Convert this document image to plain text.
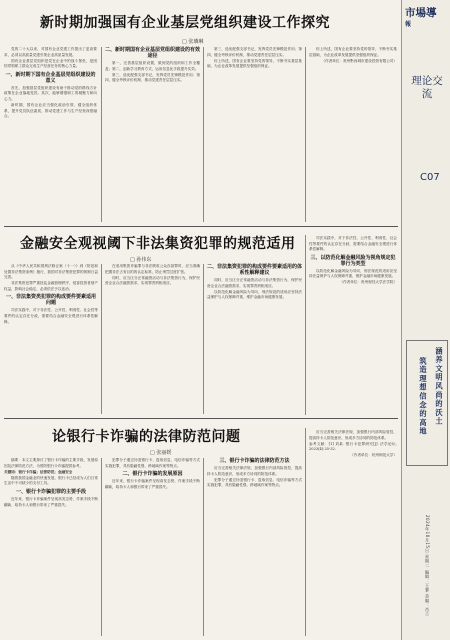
新时期加强国有企业基层党组织建设工作探究
□ 张璘琳

党的二十大以来，对国有企业党建工作提出了更高要求，必须以高质量党建引领企业高质量发展。

国有企业基层党组织是党在企业中的战斗堡垒，是团结带领职工群众完成生产经营任务的核心力量。

一、新时期下国有企业基层党组织建设的意义

首先，加强基层党组织建设有助于推动党的路线方针政策在企业落地见效。其次，能够增强职工的凝聚力和向心力。

新时期，国有企业应当强化政治引领，健全组织体系，提升党员队伍素质，推动党建工作与生产经营深度融合。

二、新时期国有企业基层党组织建设的有效途径

第一，完善基层组织设置，做到党的组织和工作全覆盖；第二，创新学习教育方式，运用信息化手段提升实效。

第三，选优配强支部书记，发挥党员先锋模范作用；第四，健全考核评价机制，推动党建责任层层压实。

第三，选优配强支部书记，发挥党员先锋模范作用；第四，健全考核评价机制，推动党建责任层层压实。

综上所述，国有企业要坚持党的领导，不断夯实基层基础，为企业改革发展提供坚强组织保证。

综上所述，国有企业要坚持党的领导，不断夯实基层基础，为企业改革发展提供坚强组织保证。

（作者单位：贵州黔西城市建设投资有限公司）

金融安全观视阈下非法集资犯罪的规范适用
□ 孙伟东

从《中华人民共和国刑法修正案（十一）》到《防范和处置非法集资条例》施行，我国对非法集资犯罪的规制日益完善。

非法集资犯罪严重扰乱金融管理秩序，侵害投资者财产权益，影响社会稳定，必须依法予以惩治。

一、非法集资类犯罪的构成要件要素适用问题

司法实践中，对于非法性、公开性、利诱性、社会性等要件的认定存在分歧，需要结合金融安全观进行体系性解释。

在适用集资诈骗罪与非法吸收公众存款罪时，应当准确把握非法占有目的的认定标准，防止刑罚过度扩张。

同时，应当区分正常融资活动与非法集资行为，保护民营企业合法融资需求，实现罪责刑相适应。

二、非法集资犯罪的构成要件要素适用的体系性解释建议

同时，应当区分正常融资活动与非法集资行为，保护民营企业合法融资需求，实现罪责刑相适应。

以防范化解金融风险为导向，刑法规范的适用应坚持法益保护与人权保障并重，维护金融市场健康发展。

司法实践中，对于非法性、公开性、利诱性、社会性等要件的认定存在分歧，需要结合金融安全观进行体系性解释。

三、以防范化解金融风险为视角规定犯罪行为类型

以防范化解金融风险为导向，刑法规范的适用应坚持法益保护与人权保障并重，维护金融市场健康发展。

（作者单位：贵州财经大学法学院）

论银行卡诈骗的法律防范问题
□ 张丽媛

摘要：本文主要探讨了银行卡诈骗的主要手段、发展原因及法律防范方法，为预防银行卡诈骗提供参考。

关键词：银行卡诈骗；法律防范；金融安全

随着我国金融业的快速发展，银行卡已经成为人们日常生活中不可缺少的支付工具。

一、银行卡诈骗犯罪的主要手段

近年来，银行卡诈骗案件呈现高发态势，作案手段不断翻新，给持卡人和银行带来了严重损失。

犯罪分子通过伪造银行卡、盗取信息、电信诈骗等方式实施犯罪，具有隐蔽性强、跨地域作案等特点。

二、银行卡诈骗的发展原因

近年来，银行卡诈骗案件呈现高发态势，作案手段不断翻新，给持卡人和银行带来了严重损失。

三、银行卡诈骗的法律防范方法

应当完善相关法律法规，加强银行内部风险管控，提高持卡人防范意识，形成多方协同的防范体系。

犯罪分子通过伪造银行卡、盗取信息、电信诈骗等方式实施犯罪，具有隐蔽性强、跨地域作案等特点。

应当完善相关法律法规，加强银行内部风险管控，提高持卡人防范意识，形成多方协同的防范体系。

参考文献：[1] 刘某. 银行卡犯罪研究[J]. 法学论坛, 2023(4):25-32.

（作者单位：杭州师范大学）

市場導
報
理论交流
C07
涵养文明风尚的沃土
筑造理想信念的高地
2024年10月15日 星期二 编辑：王赛 美编：肖兰
